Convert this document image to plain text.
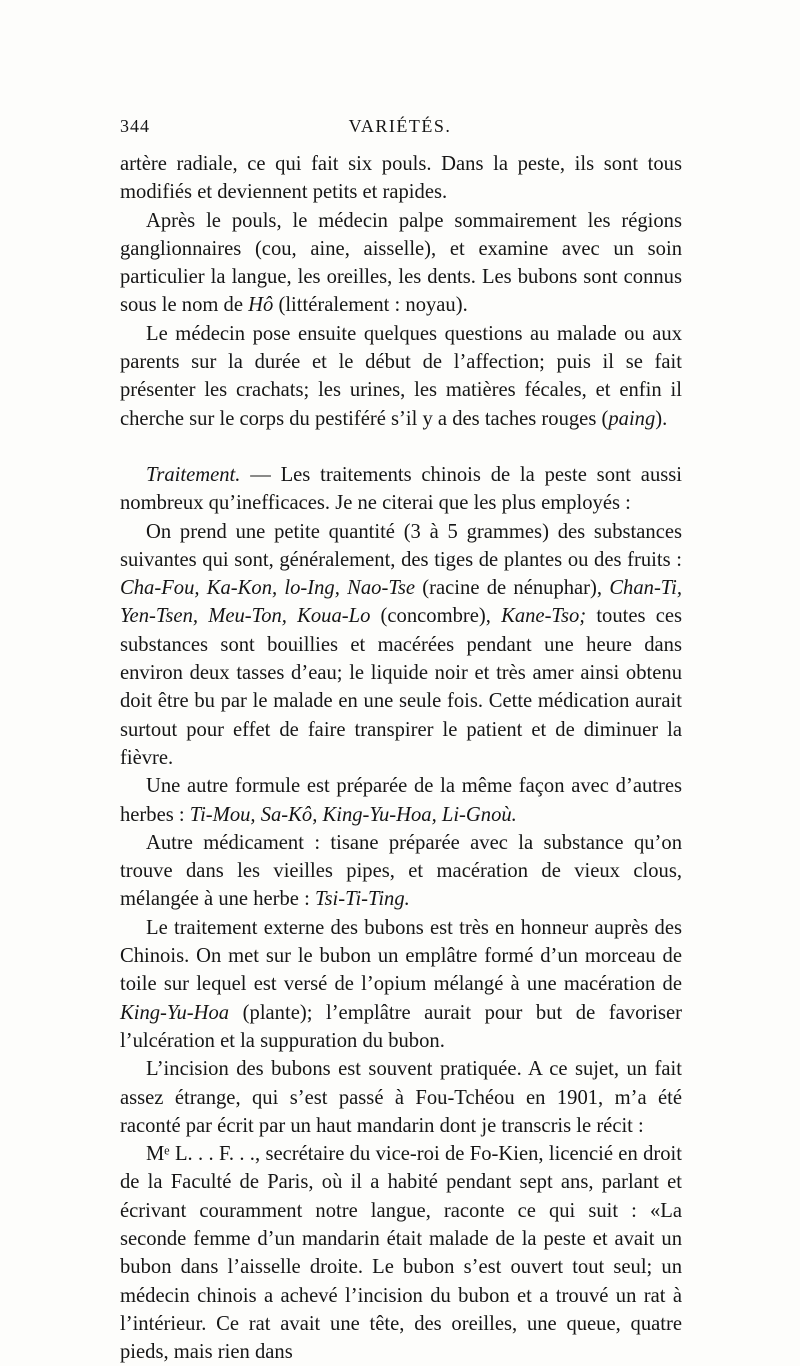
344	VARIÉTÉS.

artère radiale, ce qui fait six pouls. Dans la peste, ils sont tous modifiés et deviennent petits et rapides.

Après le pouls, le médecin palpe sommairement les régions ganglionnaires (cou, aine, aisselle), et examine avec un soin particulier la langue, les oreilles, les dents. Les bubons sont connus sous le nom de Hô (littéralement : noyau).

Le médecin pose ensuite quelques questions au malade ou aux parents sur la durée et le début de l’affection; puis il se fait présenter les crachats; les urines, les matières fécales, et enfin il cherche sur le corps du pestiféré s’il y a des taches rouges (paing).

Traitement. — Les traitements chinois de la peste sont aussi nombreux qu’inefficaces. Je ne citerai que les plus employés :

On prend une petite quantité (3 à 5 grammes) des substances suivantes qui sont, généralement, des tiges de plantes ou des fruits : Cha-Fou, Ka-Kon, lo-Ing, Nao-Tse (racine de nénuphar), Chan-Ti, Yen-Tsen, Meu-Ton, Koua-Lo (concombre), Kane-Tso; toutes ces substances sont bouillies et macérées pendant une heure dans environ deux tasses d’eau; le liquide noir et très amer ainsi obtenu doit être bu par le malade en une seule fois. Cette médication aurait surtout pour effet de faire transpirer le patient et de diminuer la fièvre.

Une autre formule est préparée de la même façon avec d’autres herbes : Ti-Mou, Sa-Kô, King-Yu-Hoa, Li-Gnoù.

Autre médicament : tisane préparée avec la substance qu’on trouve dans les vieilles pipes, et macération de vieux clous, mélangée à une herbe : Tsi-Ti-Ting.

Le traitement externe des bubons est très en honneur auprès des Chinois. On met sur le bubon un emplâtre formé d’un morceau de toile sur lequel est versé de l’opium mélangé à une macération de King-Yu-Hoa (plante); l’emplâtre aurait pour but de favoriser l’ulcération et la suppuration du bubon.

L’incision des bubons est souvent pratiquée. A ce sujet, un fait assez étrange, qui s’est passé à Fou-Tchéou en 1901, m’a été raconté par écrit par un haut mandarin dont je transcris le récit :

Mᵉ L. . . F. . ., secrétaire du vice-roi de Fo-Kien, licencié en droit de la Faculté de Paris, où il a habité pendant sept ans, parlant et écrivant couramment notre langue, raconte ce qui suit : «La seconde femme d’un mandarin était malade de la peste et avait un bubon dans l’aisselle droite. Le bubon s’est ouvert tout seul; un médecin chinois a achevé l’incision du bubon et a trouvé un rat à l’intérieur. Ce rat avait une tête, des oreilles, une queue, quatre pieds, mais rien dans
